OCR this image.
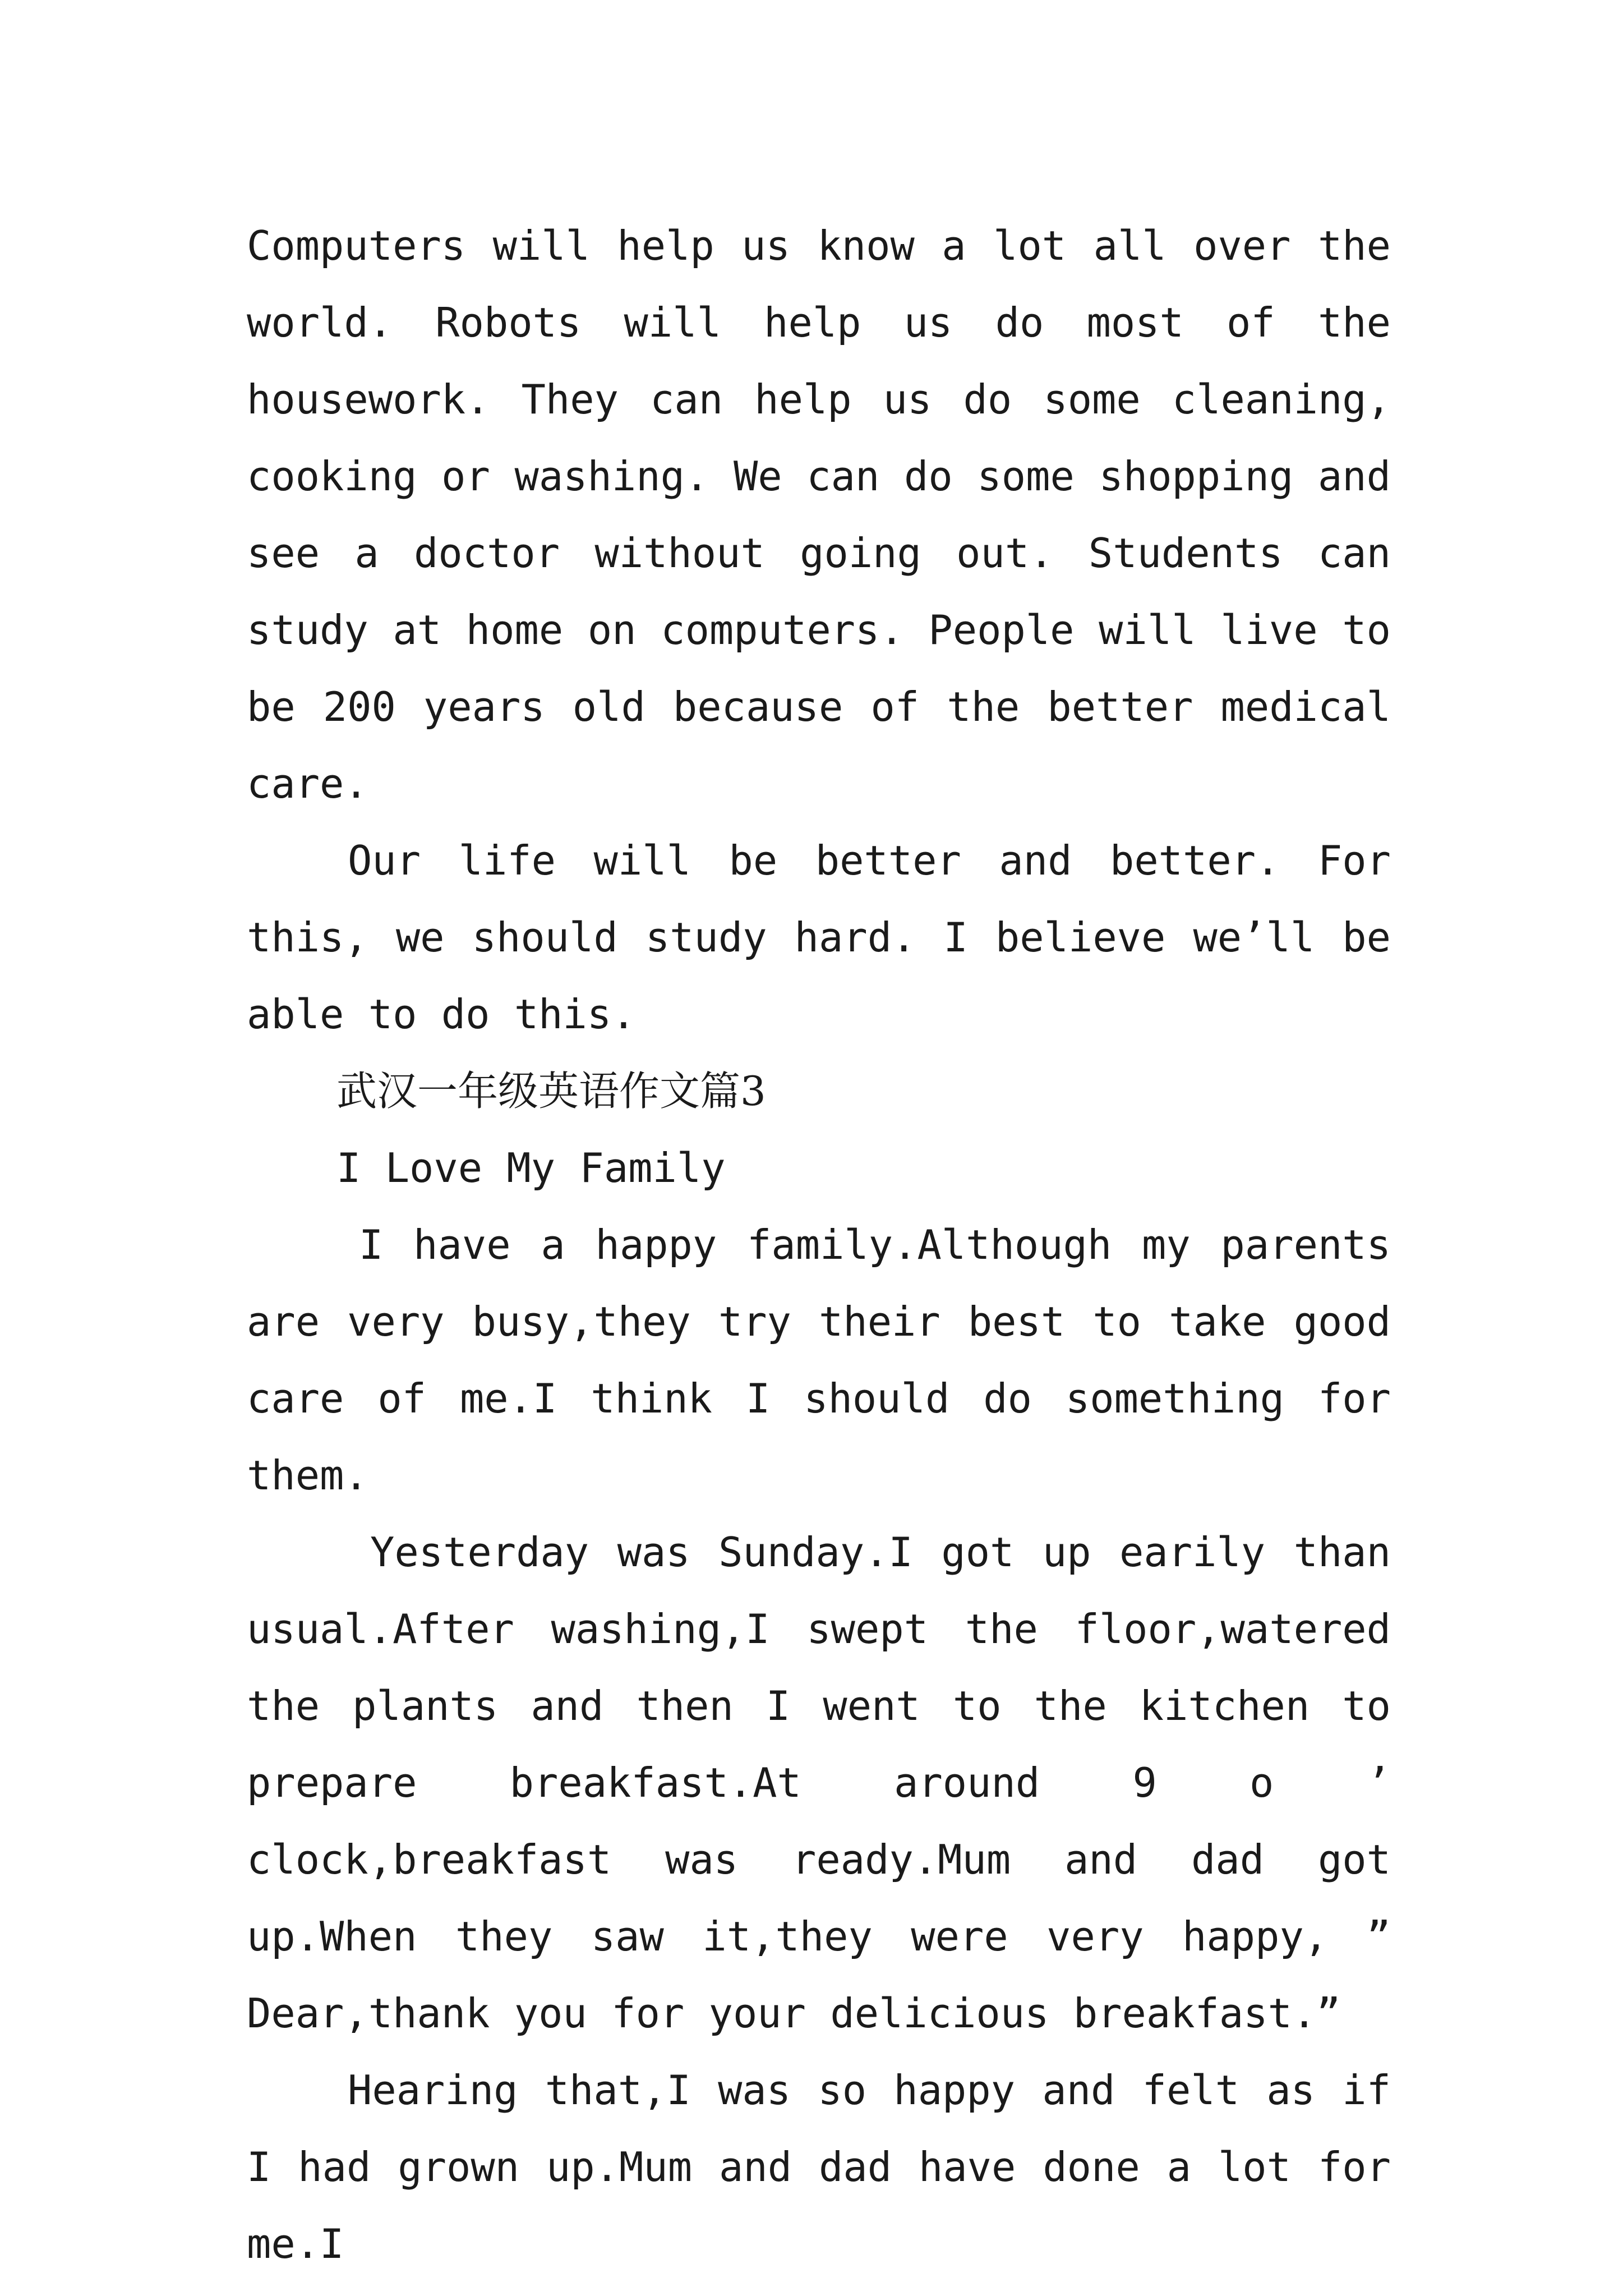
Computers will help us know a lot all over the world. Robots will help us do most of the housework. They can help us do some cleaning, cooking or washing. We can do some shopping and see a doctor without going out. Students can study at home on computers. People will live to be 200 years old because of the better medical care.

Our life will be better and better. For this, we should study hard. I believe we’ll be able to do this.

武汉一年级英语作文篇3

I Love My Family

I have a happy family.Although my parents are very busy,they try their best to take good care of me.I think I should do something for them.

Yesterday was Sunday.I got up earily than usual.After washing,I swept the floor,watered the plants and then I went to the kitchen to prepare breakfast.At around 9 o ’ clock,breakfast was ready.Mum and dad got up.When they saw it,they were very happy, ” Dear,thank you for your delicious breakfast.”

Hearing that,I was so happy and felt as if I had grown up.Mum and dad have done a lot for me.I
